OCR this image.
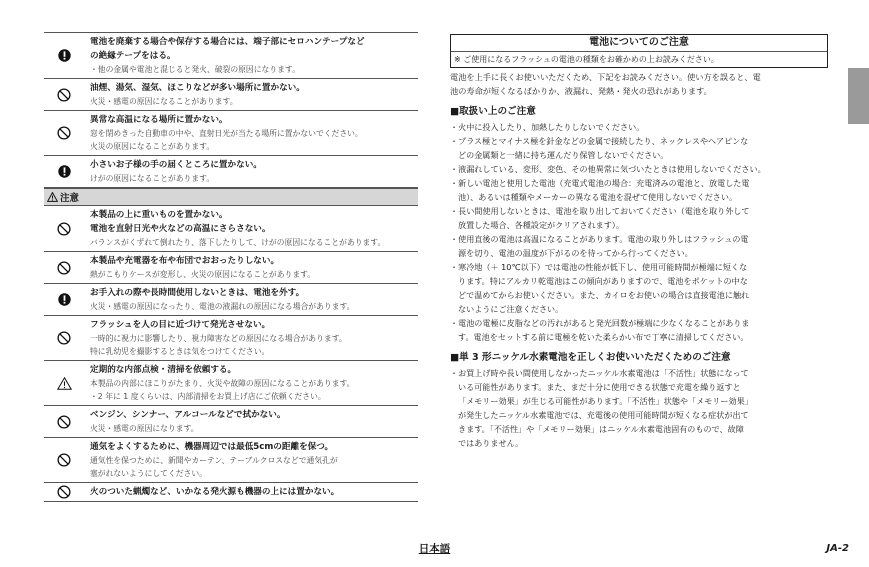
電池を廃棄する場合や保存する場合には、端子部にセロハンテープなど
の絶縁テープをはる。
・他の金属や電池と混じると発火、破裂の原因になります。
油煙、湯気、湿気、ほこりなどが多い場所に置かない。
火災・感電の原因になることがあります。
異常な高温になる場所に置かない。
窓を閉めきった自動車の中や、直射日光が当たる場所に置かないでください。
火災の原因になることがあります。
小さいお子様の手の届くところに置かない。
けがの原因になることがあります。
注意
本製品の上に重いものを置かない。
電池を直射日光や火などの高温にさらさない。
バランスがくずれて倒れたり、落下したりして、けがの原因になることがあります。
本製品や充電器を布や布団でおおったりしない。
熱がこもりケースが変形し、火災の原因になることがあります。
お手入れの際や長時間使用しないときは、電池を外す。
火災・感電の原因になったり、電池の液漏れの原因になる場合があります。
フラッシュを人の目に近づけて発光させない。
一時的に視力に影響したり、視力障害などの原因になる場合があります。
特に乳幼児を撮影するときは気をつけてください。
定期的な内部点検・清掃を依頼する。
本製品の内部にほこりがたまり、火災や故障の原因になることがあります。
・2 年に 1 度くらいは、内部清掃をお買上げ店にご依頼ください。
ベンジン、シンナー、アルコールなどで拭かない。
火災・感電の原因になります。
通気をよくするために、機器周辺では最低5cmの距離を保つ。
通気性を保つために、新聞やカーテン、テーブルクロスなどで通気孔が
塞がれないようにしてください。
火のついた蝋燭など、いかなる発火源も機器の上には置かない。
電池についてのご注意
※ ご使用になるフラッシュの電池の種類をお確かめの上お読みください。
電池を上手に長くお使いいただくため、下記をお読みください。使い方を誤ると、電
池の寿命が短くなるばかりか、液漏れ、発熱・発火の恐れがあります。
■取扱い上のご注意
・ 火中に投入したり、加熱したりしないでください。
・ プラス極とマイナス極を針金などの金属で接続したり、ネックレスやヘアピンな
どの金属類と一緒に持ち運んだり保管しないでください。
・ 液漏れしている、変形、変色、その他異常に気づいたときは使用しないでください。
・ 新しい電池と使用した電池（充電式電池の場合：充電済みの電池と、放電した電
池）、あるいは種類やメーカーの異なる電池を混ぜて使用しないでください。
・ 長い間使用しないときは、電池を取り出しておいてください（電池を取り外して
放置した場合、各種設定がクリアされます）。
・ 使用直後の電池は高温になることがあります。電池の取り外しはフラッシュの電
源を切り、電池の温度が下がるのを待ってから行ってください。
・ 寒冷地（＋ 10℃以下）では電池の性能が低下し、使用可能時間が極端に短くな
ります。特にアルカリ乾電池はこの傾向がありますので、電池をポケットの中な
どで温めてからお使いください。また、カイロをお使いの場合は直接電池に触れ
ないようにご注意ください。
・ 電池の電極に皮脂などの汚れがあると発光回数が極端に少なくなることがありま
す。電池をセットする前に電極を乾いた柔らかい布で丁寧に清掃してください。
■単 3 形ニッケル水素電池を正しくお使いいただくためのご注意
・ お買上げ時や長い間使用しなかったニッケル水素電池は「不活性」状態になって
いる可能性があります。また、まだ十分に使用できる状態で充電を繰り返すと
「メモリー効果」が生じる可能性があります。「不活性」状態や「メモリー効果」
が発生したニッケル水素電池では、充電後の使用可能時間が短くなる症状が出て
きます。「不活性」や「メモリー効果」はニッケル水素電池固有のもので、故障
ではありません。
日本語	JA-2
